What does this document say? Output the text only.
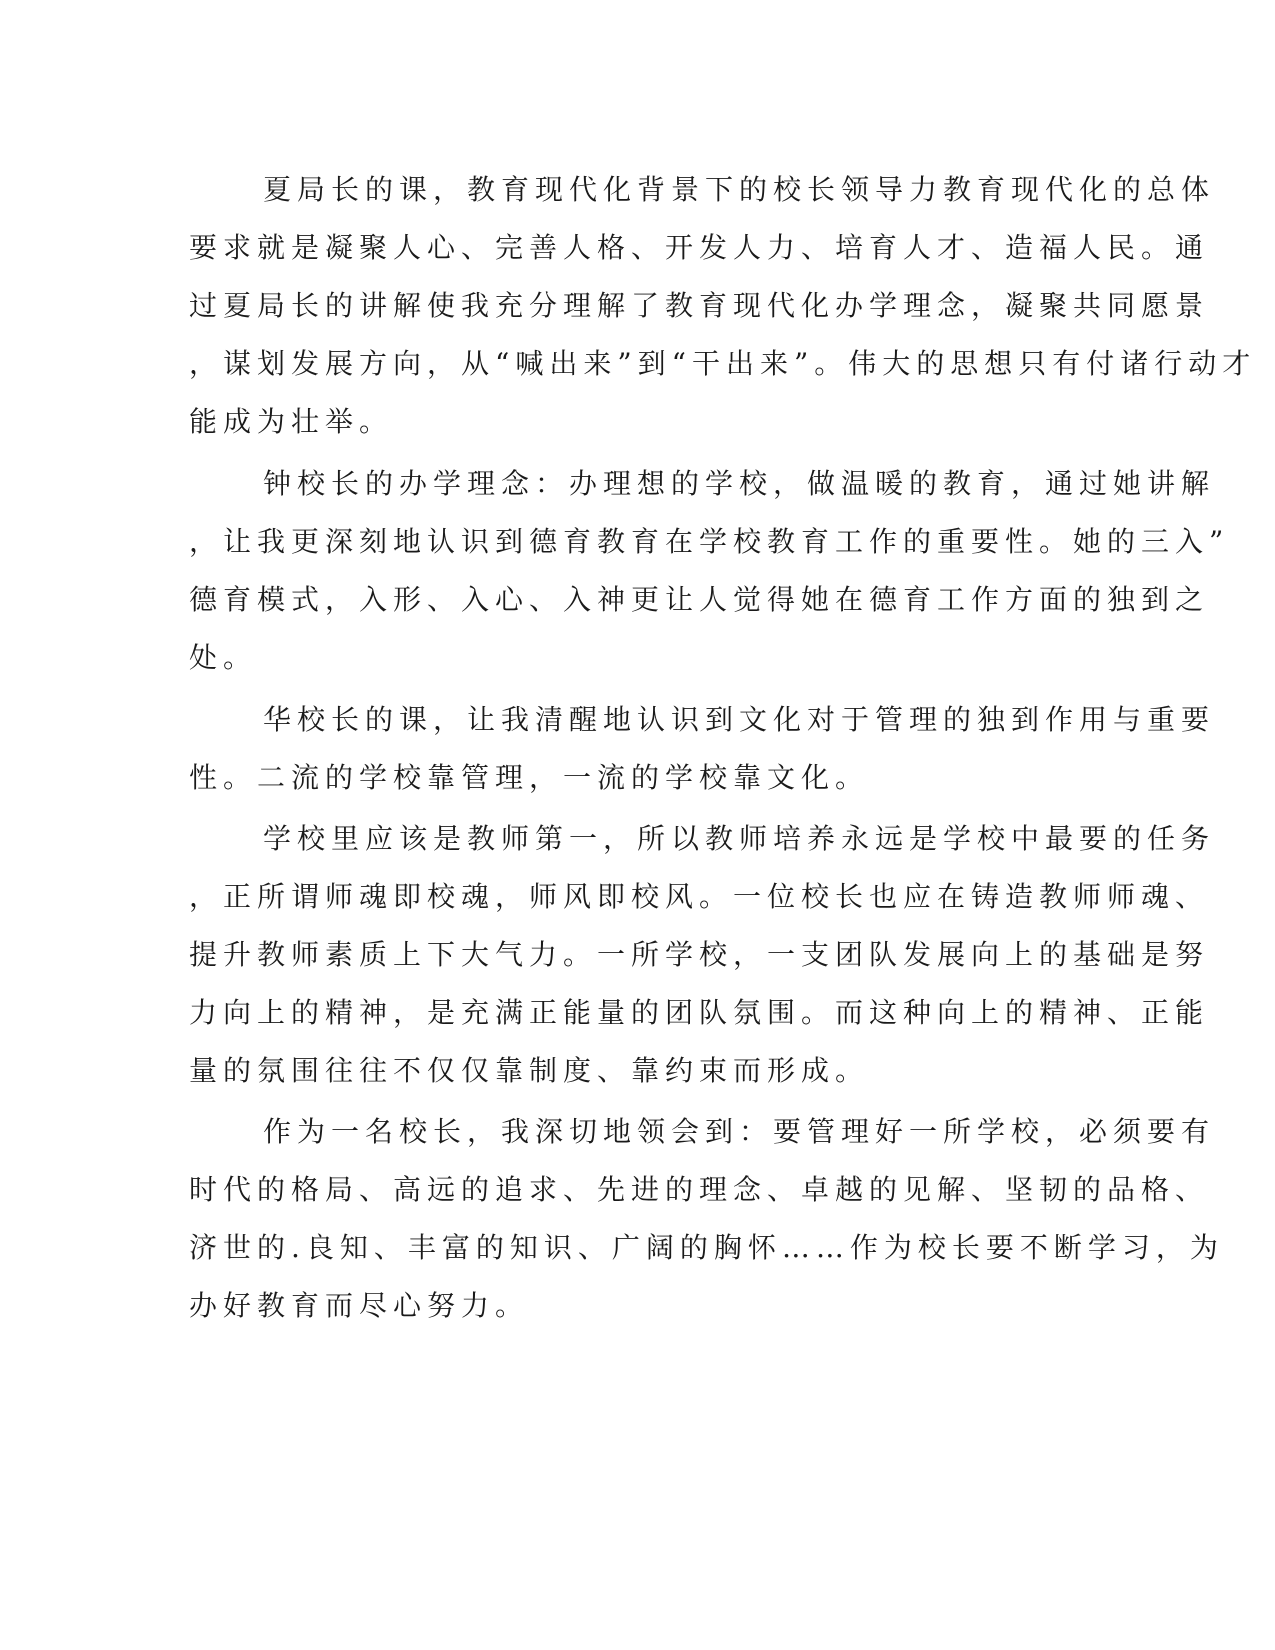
夏局长的课，教育现代化背景下的校长领导力教育现代化的总体
要求就是凝聚人心、完善人格、开发人力、培育人才、造福人民。通
过夏局长的讲解使我充分理解了教育现代化办学理念，凝聚共同愿景
，谋划发展方向，从“喊出来”到“干出来”。伟大的思想只有付诸行动才
能成为壮举。
钟校长的办学理念：办理想的学校，做温暖的教育，通过她讲解
，让我更深刻地认识到德育教育在学校教育工作的重要性。她的三入”
德育模式，入形、入心、入神更让人觉得她在德育工作方面的独到之
处。
华校长的课，让我清醒地认识到文化对于管理的独到作用与重要
性。二流的学校靠管理，一流的学校靠文化。
学校里应该是教师第一，所以教师培养永远是学校中最要的任务
，正所谓师魂即校魂，师风即校风。一位校长也应在铸造教师师魂、
提升教师素质上下大气力。一所学校，一支团队发展向上的基础是努
力向上的精神，是充满正能量的团队氛围。而这种向上的精神、正能
量的氛围往往不仅仅靠制度、靠约束而形成。
作为一名校长，我深切地领会到：要管理好一所学校，必须要有
时代的格局、高远的追求、先进的理念、卓越的见解、坚韧的品格、
济世的.良知、丰富的知识、广阔的胸怀……作为校长要不断学习，为
办好教育而尽心努力。
